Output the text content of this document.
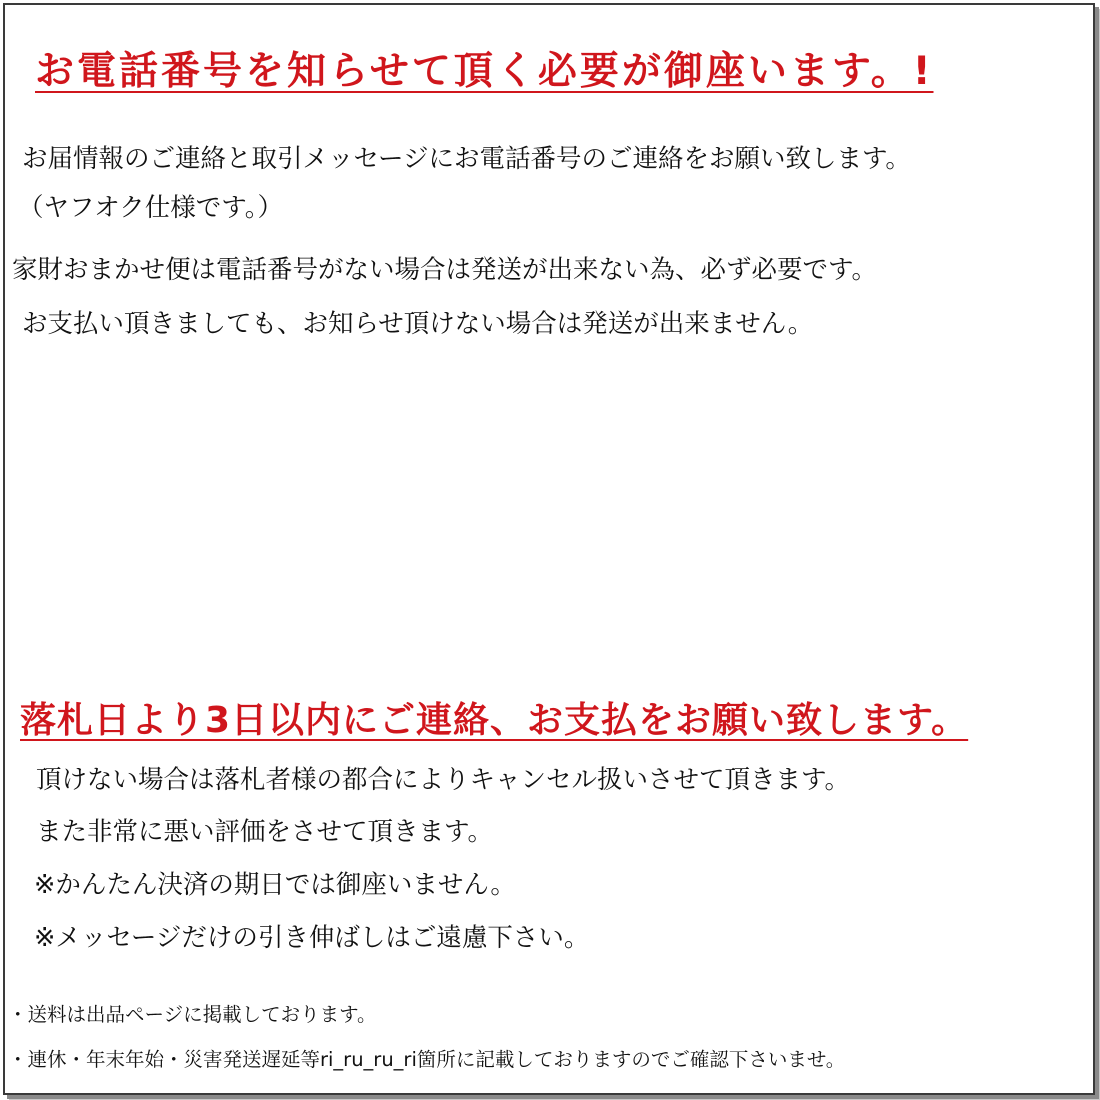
お電話番号を知らせて頂く必要が御座います。!

お届情報のご連絡と取引メッセージにお電話番号のご連絡をお願い致します。

（ヤフオク仕様です。）

家財おまかせ便は電話番号がない場合は発送が出来ない為、必ず必要です。

お支払い頂きましても、お知らせ頂けない場合は発送が出来ません。

落札日より3日以内にご連絡、お支払をお願い致します。

頂けない場合は落札者様の都合によりキャンセル扱いさせて頂きます。

また非常に悪い評価をさせて頂きます。

※かんたん決済の期日では御座いません。

※メッセージだけの引き伸ばしはご遠慮下さい。

・送料は出品ページに掲載しております。

・連休・年末年始・災害発送遅延等ri_ru_ru_ri箇所に記載しておりますのでご確認下さいませ。
